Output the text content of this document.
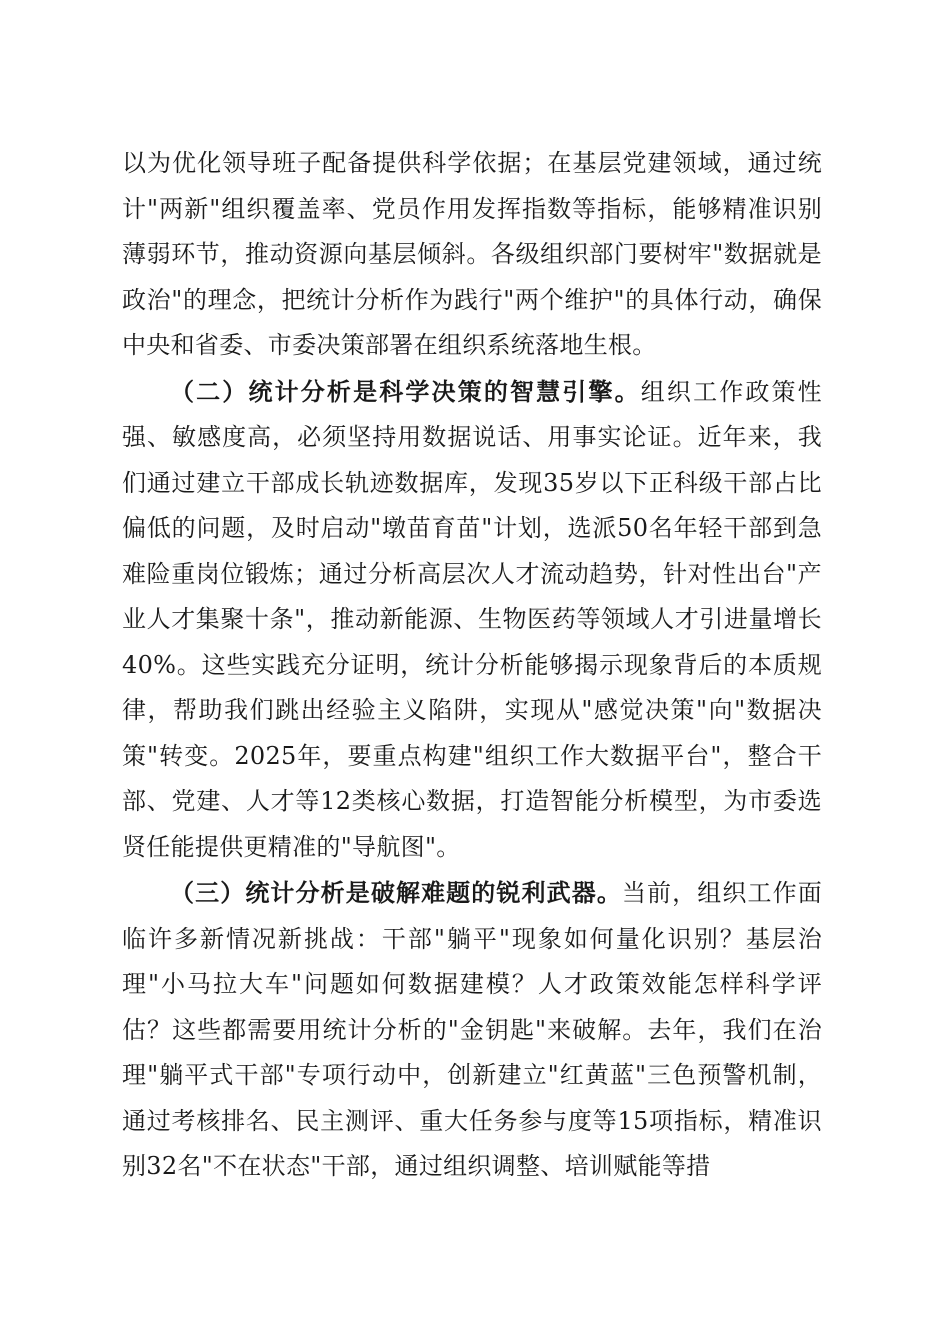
以为优化领导班子配备提供科学依据；在基层党建领域，通过统计"两新"组织覆盖率、党员作用发挥指数等指标，能够精准识别薄弱环节，推动资源向基层倾斜。各级组织部门要树牢"数据就是政治"的理念，把统计分析作为践行"两个维护"的具体行动，确保中央和省委、市委决策部署在组织系统落地生根。

（二）统计分析是科学决策的智慧引擎。组织工作政策性强、敏感度高，必须坚持用数据说话、用事实论证。近年来，我们通过建立干部成长轨迹数据库，发现35岁以下正科级干部占比偏低的问题，及时启动"墩苗育苗"计划，选派50名年轻干部到急难险重岗位锻炼；通过分析高层次人才流动趋势，针对性出台"产业人才集聚十条"，推动新能源、生物医药等领域人才引进量增长40%。这些实践充分证明，统计分析能够揭示现象背后的本质规律，帮助我们跳出经验主义陷阱，实现从"感觉决策"向"数据决策"转变。2025年，要重点构建"组织工作大数据平台"，整合干部、党建、人才等12类核心数据，打造智能分析模型，为市委选贤任能提供更精准的"导航图"。

（三）统计分析是破解难题的锐利武器。当前，组织工作面临许多新情况新挑战：干部"躺平"现象如何量化识别？基层治理"小马拉大车"问题如何数据建模？人才政策效能怎样科学评估？这些都需要用统计分析的"金钥匙"来破解。去年，我们在治理"躺平式干部"专项行动中，创新建立"红黄蓝"三色预警机制，通过考核排名、民主测评、重大任务参与度等15项指标，精准识别32名"不在状态"干部，通过组织调整、培训赋能等措
